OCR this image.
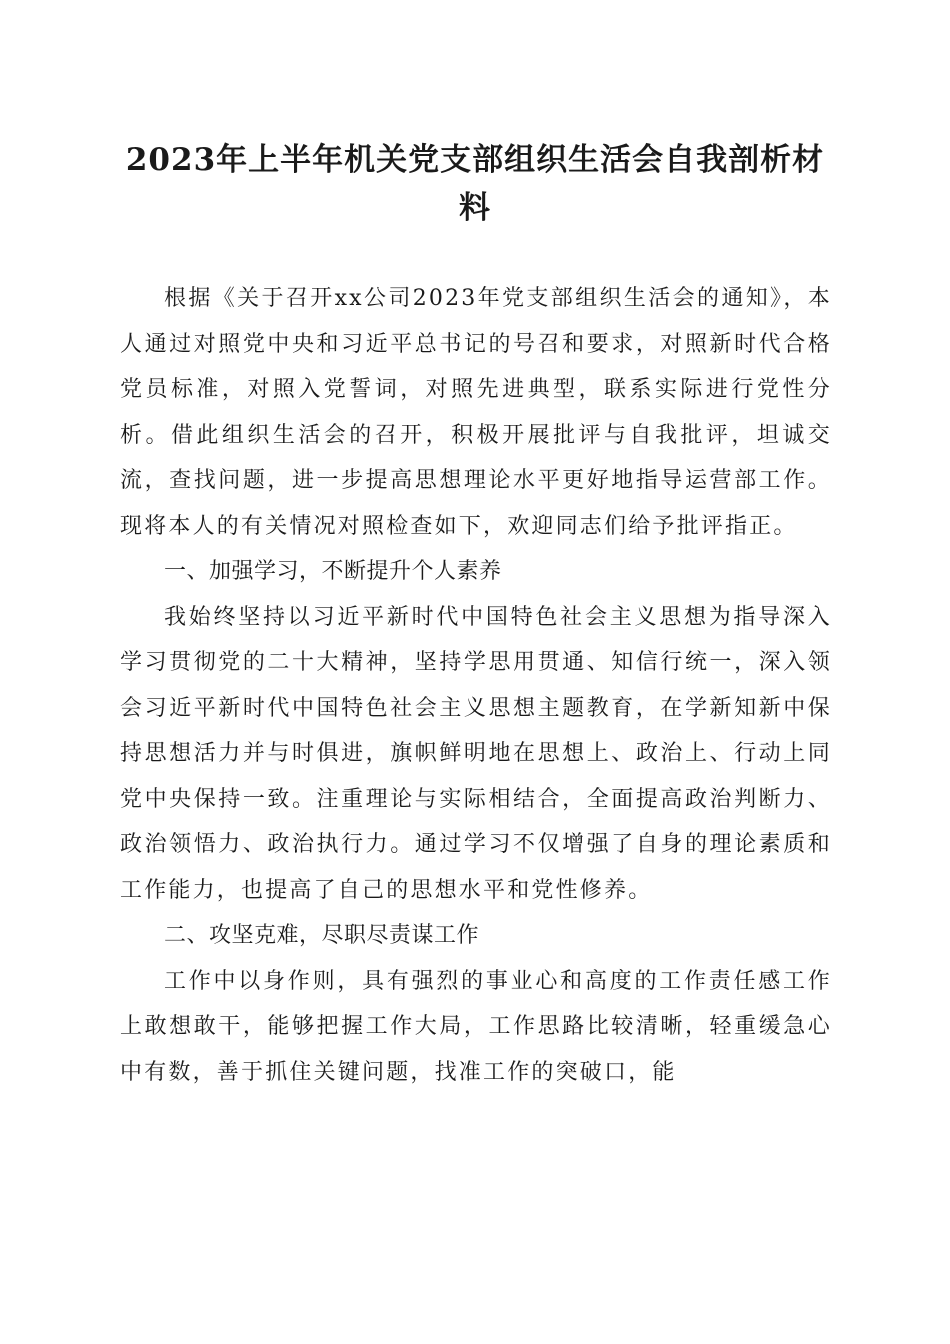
2023年上半年机关党支部组织生活会自我剖析材料

根据《关于召开xx公司2023年党支部组织生活会的通知》，本人通过对照党中央和习近平总书记的号召和要求，对照新时代合格党员标准，对照入党誓词，对照先进典型，联系实际进行党性分析。借此组织生活会的召开，积极开展批评与自我批评，坦诚交流，查找问题，进一步提高思想理论水平更好地指导运营部工作。现将本人的有关情况对照检查如下，欢迎同志们给予批评指正。

一、加强学习，不断提升个人素养

我始终坚持以习近平新时代中国特色社会主义思想为指导深入学习贯彻党的二十大精神，坚持学思用贯通、知信行统一，深入领会习近平新时代中国特色社会主义思想主题教育，在学新知新中保持思想活力并与时俱进，旗帜鲜明地在思想上、政治上、行动上同党中央保持一致。注重理论与实际相结合，全面提高政治判断力、政治领悟力、政治执行力。通过学习不仅增强了自身的理论素质和工作能力，也提高了自己的思想水平和党性修养。

二、攻坚克难，尽职尽责谋工作

工作中以身作则，具有强烈的事业心和高度的工作责任感工作上敢想敢干，能够把握工作大局，工作思路比较清晰，轻重缓急心中有数，善于抓住关键问题，找准工作的突破口，能
